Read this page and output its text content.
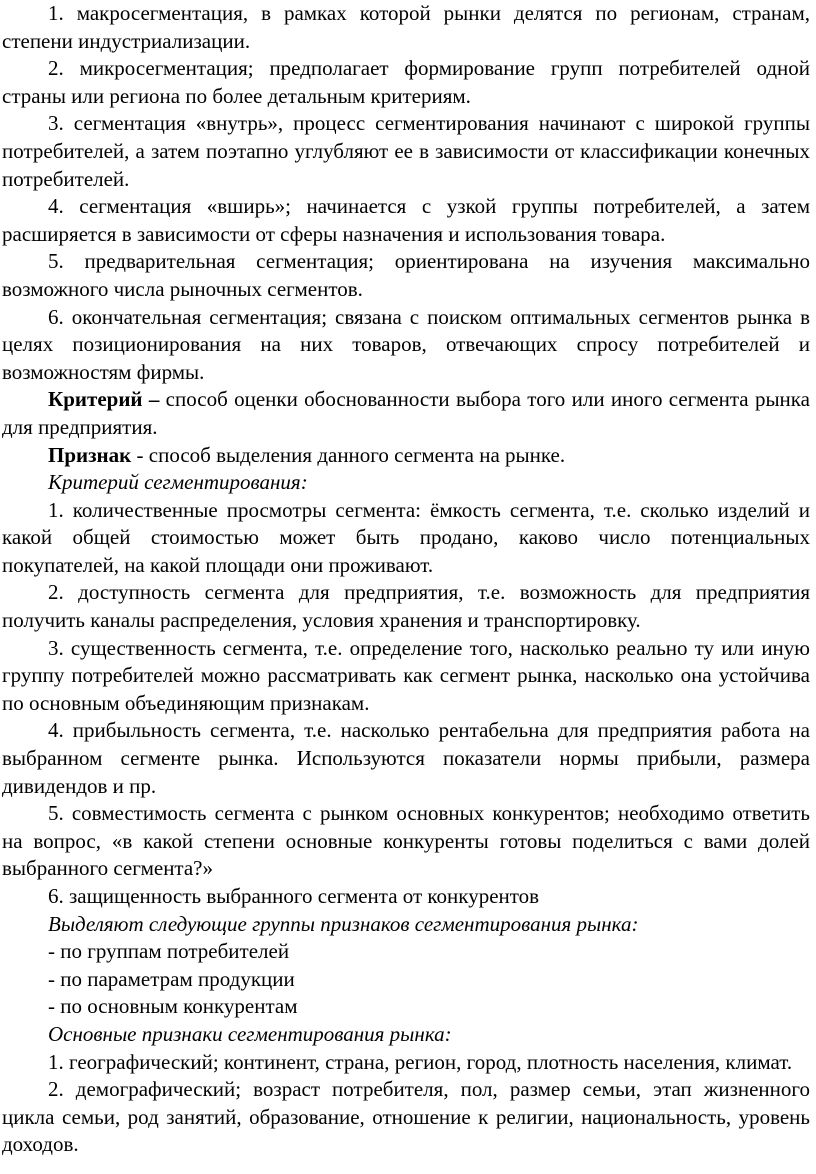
1. макросегментация, в рамках которой рынки делятся по регионам, странам, степени индустриализации.

2. микросегментация; предполагает формирование групп потребителей одной страны или региона по более детальным критериям.

3. сегментация «внутрь», процесс сегментирования начинают с широкой группы потребителей, а затем поэтапно углубляют ее в зависимости от классификации конечных потребителей.

4. сегментация «вширь»; начинается с узкой группы потребителей, а затем расширяется в зависимости от сферы назначения и использования товара.

5. предварительная сегментация; ориентирована на изучения максимально возможного числа рыночных сегментов.

6. окончательная сегментация; связана с поиском оптимальных сегментов рынка в целях позиционирования на них товаров, отвечающих спросу потребителей и возможностям фирмы.

Критерий – способ оценки обоснованности выбора того или иного сегмента рынка для предприятия.

Признак - способ выделения данного сегмента на рынке.

Критерий сегментирования:

1. количественные просмотры сегмента: ёмкость сегмента, т.е. сколько изделий и какой общей стоимостью может быть продано, каково число потенциальных покупателей, на какой площади они проживают.

2. доступность сегмента для предприятия, т.е. возможность для предприятия получить каналы распределения, условия хранения и транспортировку.

3. существенность сегмента, т.е. определение того, насколько реально ту или иную группу потребителей можно рассматривать как сегмент рынка, насколько она устойчива по основным объединяющим признакам.

4. прибыльность сегмента, т.е. насколько рентабельна для предприятия работа на выбранном сегменте рынка. Используются показатели нормы прибыли, размера дивидендов и пр.

5. совместимость сегмента с рынком основных конкурентов; необходимо ответить на вопрос, «в какой степени основные конкуренты готовы поделиться с вами долей выбранного сегмента?»

6. защищенность выбранного сегмента от конкурентов

Выделяют следующие группы признаков сегментирования рынка:

- по группам потребителей

- по параметрам продукции

- по основным конкурентам

Основные признаки сегментирования рынка:

1. географический; континент, страна, регион, город, плотность населения, климат.

2. демографический; возраст потребителя, пол, размер семьи, этап жизненного цикла семьи, род занятий, образование, отношение к религии, национальность, уровень доходов.
